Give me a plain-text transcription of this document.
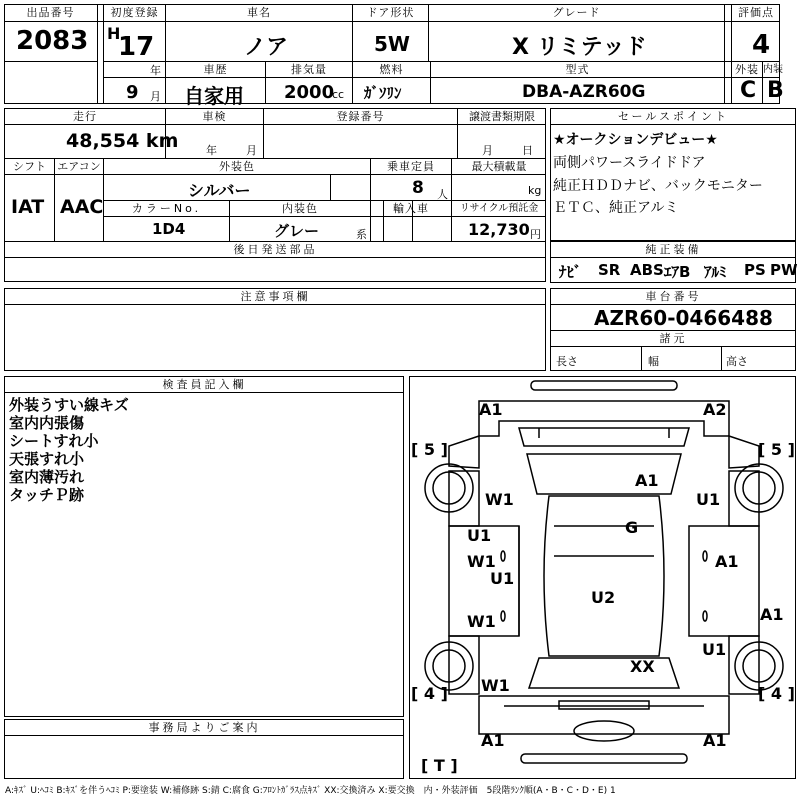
出品番号
2083
初度登録
H
17
年
9 月
車名
ノア
ドア形状
5W
グレード
X リミテッド
評価点
4
車歴
自家用
排気量
2000
cc
燃料
ｶﾞｿﾘﾝ
型式
DBA-AZR60G
外装 内装
C B
走行
48,554 km
車検
年	月
登録番号	譲渡書類期限
月	日
シフト
IAT
エアコン
AAC
外装色
シルバー
乗車定員
8 人
最大積載量
kg
カラーNo.
1D4
内装色
グレー	系
輸入車	リサイクル預託金
12,730 円
後日発送部品
セールスポイント
★オークションデビュー★
両側パワースライドドア
純正ＨＤＤナビ、バックモニター
ＥＴＣ、純正アルミ
純正装備
ﾅﾋﾞ SR ABS ｴｱB ｱﾙﾐ PS PW
注意事項欄	車台番号
AZR60-0466488
諸元
長さ	幅	高さ
検査員記入欄
外装うすい線キズ
室内内張傷
シートすれ小
天張すれ小
室内薄汚れ
タッチＰ跡
事務局よりご案内
A1	A2
A1
W1	U1
G
U1
W1
U1
A1
U2
W1	A1
U1
XX
W1
A1	A1
[ 5 ]	[ 5 ]
[ 4 ]	[ 4 ]
[ T ]
A:ｷｽﾞ U:ﾍｺﾐ B:ｷｽﾞを伴うﾍｺﾐ P:要塗装 W:補修跡 S:錆 C:腐食 G:ﾌﾛﾝﾄｶﾞﾗｽ点ｷｽﾞ XX:交換済み X:要交換　内・外装評価　5段階ﾗﾝｸ順(A・B・C・D・E) 1
